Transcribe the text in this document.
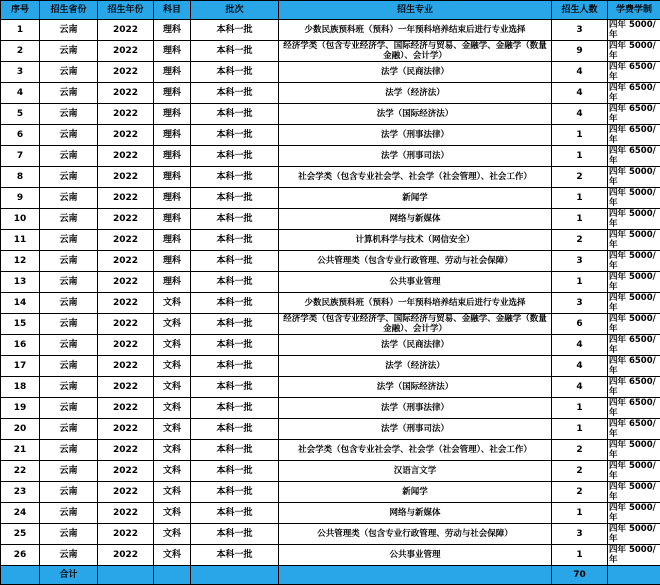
序号	招生省份	招生年份	科目	批次	招生专业	招生人数	学费学制
1	云南	2022	理科	本科一批	少数民族预科班（预科）一年预科培养结束后进行专业选择	3	四年 5000/年
2	云南	2022	理科	本科一批	经济学类（包含专业经济学、国际经济与贸易、金融学、金融学（数量金融）、会计学）	9	四年 5000/年
3	云南	2022	理科	本科一批	法学（民商法律）	4	四年 6500/年
4	云南	2022	理科	本科一批	法学（经济法）	4	四年 6500/年
5	云南	2022	理科	本科一批	法学（国际经济法）	4	四年 6500/年
6	云南	2022	理科	本科一批	法学（刑事法律）	1	四年 6500/年
7	云南	2022	理科	本科一批	法学（刑事司法）	1	四年 6500/年
8	云南	2022	理科	本科一批	社会学类（包含专业社会学、社会学（社会管理）、社会工作）	2	四年 5000/年
9	云南	2022	理科	本科一批	新闻学	1	四年 5000/年
10	云南	2022	理科	本科一批	网络与新媒体	1	四年 5000/年
11	云南	2022	理科	本科一批	计算机科学与技术（网信安全）	2	四年 5000/年
12	云南	2022	理科	本科一批	公共管理类（包含专业行政管理、劳动与社会保障）	3	四年 5000/年
13	云南	2022	理科	本科一批	公共事业管理	1	四年 5000/年
14	云南	2022	文科	本科一批	少数民族预科班（预科）一年预科培养结束后进行专业选择	3	四年 5000/年
15	云南	2022	文科	本科一批	经济学类（包含专业经济学、国际经济与贸易、金融学、金融学（数量金融）、会计学）	6	四年 5000/年
16	云南	2022	文科	本科一批	法学（民商法律）	4	四年 6500/年
17	云南	2022	文科	本科一批	法学（经济法）	4	四年 6500/年
18	云南	2022	文科	本科一批	法学（国际经济法）	4	四年 6500/年
19	云南	2022	文科	本科一批	法学（刑事法律）	1	四年 6500/年
20	云南	2022	文科	本科一批	法学（刑事司法）	1	四年 6500/年
21	云南	2022	文科	本科一批	社会学类（包含专业社会学、社会学（社会管理）、社会工作）	2	四年 5000/年
22	云南	2022	文科	本科一批	汉语言文学	2	四年 5000/年
23	云南	2022	文科	本科一批	新闻学	2	四年 5000/年
24	云南	2022	文科	本科一批	网络与新媒体	1	四年 5000/年
25	云南	2022	文科	本科一批	公共管理类（包含专业行政管理、劳动与社会保障）	3	四年 5000/年
26	云南	2022	文科	本科一批	公共事业管理	1	四年 5000/年
	合计					70	
